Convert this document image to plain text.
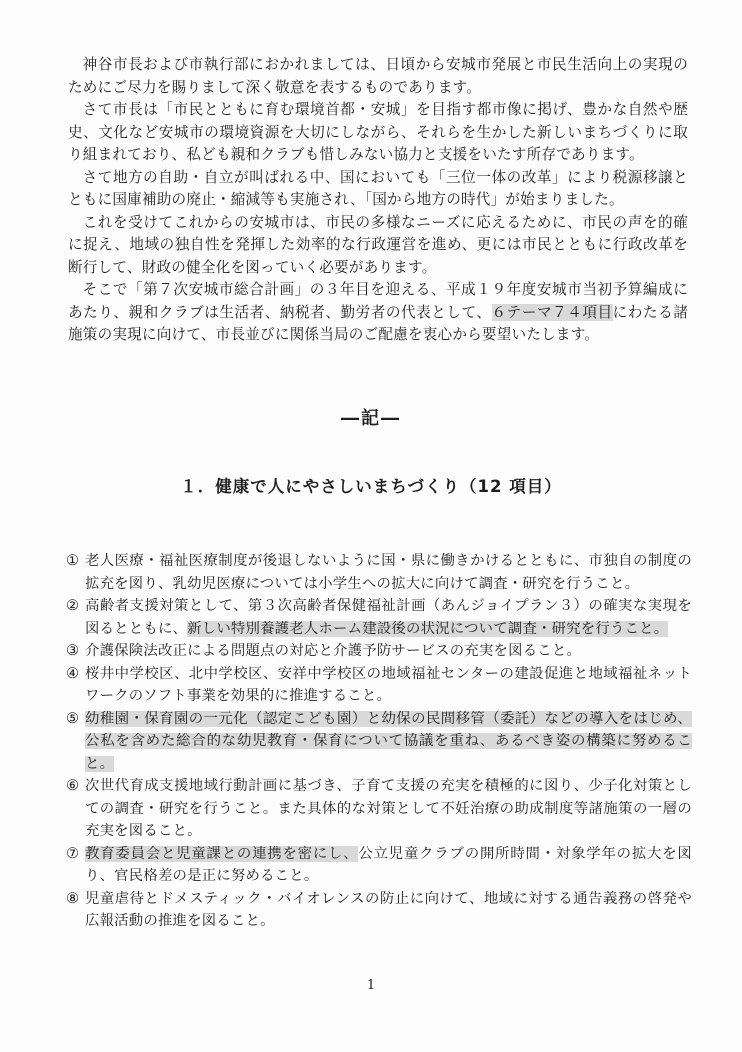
神谷市長および市執行部におかれましては、日頃から安城市発展と市民生活向上の実現のためにご尽力を賜りまして深く敬意を表するものであります。

さて市長は「市民とともに育む環境首都・安城」を目指す都市像に掲げ、豊かな自然や歴史、文化など安城市の環境資源を大切にしながら、それらを生かした新しいまちづくりに取り組まれており、私ども親和クラブも惜しみない協力と支援をいたす所存であります。

さて地方の自助・自立が叫ばれる中、国においても「三位一体の改革」により税源移譲とともに国庫補助の廃止・縮減等も実施され、「国から地方の時代」が始まりました。

これを受けてこれからの安城市は、市民の多様なニーズに応えるために、市民の声を的確に捉え、地域の独自性を発揮した効率的な行政運営を進め、更には市民とともに行政改革を断行して、財政の健全化を図っていく必要があります。

そこで「第７次安城市総合計画」の３年目を迎える、平成１９年度安城市当初予算編成にあたり、親和クラブは生活者、納税者、勤労者の代表として、６テーマ７４項目にわたる諸施策の実現に向けて、市長並びに関係当局のご配慮を衷心から要望いたします。

―記―
１．健康で人にやさしいまちづくり（12 項目）
① 老人医療・福祉医療制度が後退しないように国・県に働きかけるとともに、市独自の制度の拡充を図り、乳幼児医療については小学生への拡大に向けて調査・研究を行うこと。
② 高齢者支援対策として、第３次高齢者保健福祉計画（あんジョイプラン３）の確実な実現を図るとともに、新しい特別養護老人ホーム建設後の状況について調査・研究を行うこと。
③ 介護保険法改正による問題点の対応と介護予防サービスの充実を図ること。
④ 桜井中学校区、北中学校区、安祥中学校区の地域福祉センターの建設促進と地域福祉ネットワークのソフト事業を効果的に推進すること。
⑤ 幼稚園・保育園の一元化（認定こども園）と幼保の民間移管（委託）などの導入をはじめ、公私を含めた総合的な幼児教育・保育について協議を重ね、あるべき姿の構築に努めること。
⑥ 次世代育成支援地域行動計画に基づき、子育て支援の充実を積極的に図り、少子化対策としての調査・研究を行うこと。また具体的な対策として不妊治療の助成制度等諸施策の一層の充実を図ること。
⑦ 教育委員会と児童課との連携を密にし、公立児童クラブの開所時間・対象学年の拡大を図り、官民格差の是正に努めること。
⑧ 児童虐待とドメスティック・バイオレンスの防止に向けて、地域に対する通告義務の啓発や広報活動の推進を図ること。
1
